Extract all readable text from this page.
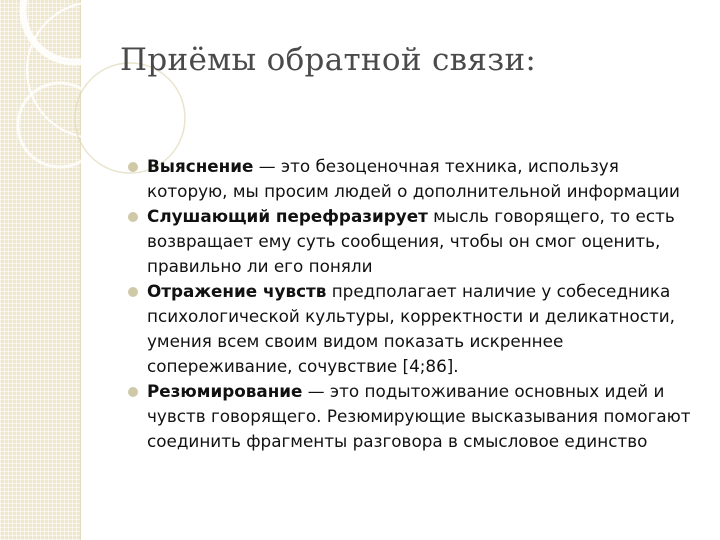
Приёмы обратной связи:
Выяснение — это безоценочная техника, используя которую, мы просим людей о дополнительной информации
Слушающий перефразирует мысль говорящего, то есть возвращает ему суть сообщения, чтобы он смог оценить, правильно ли его поняли
Отражение чувств предполагает наличие у собеседника психологической культуры, корректности и деликатности, умения всем своим видом показать искреннее сопереживание, сочувствие [4;86].
Резюмирование — это подытоживание основных идей и чувств говорящего. Резюмирующие высказывания помогают соединить фрагменты разговора в смысловое единство
